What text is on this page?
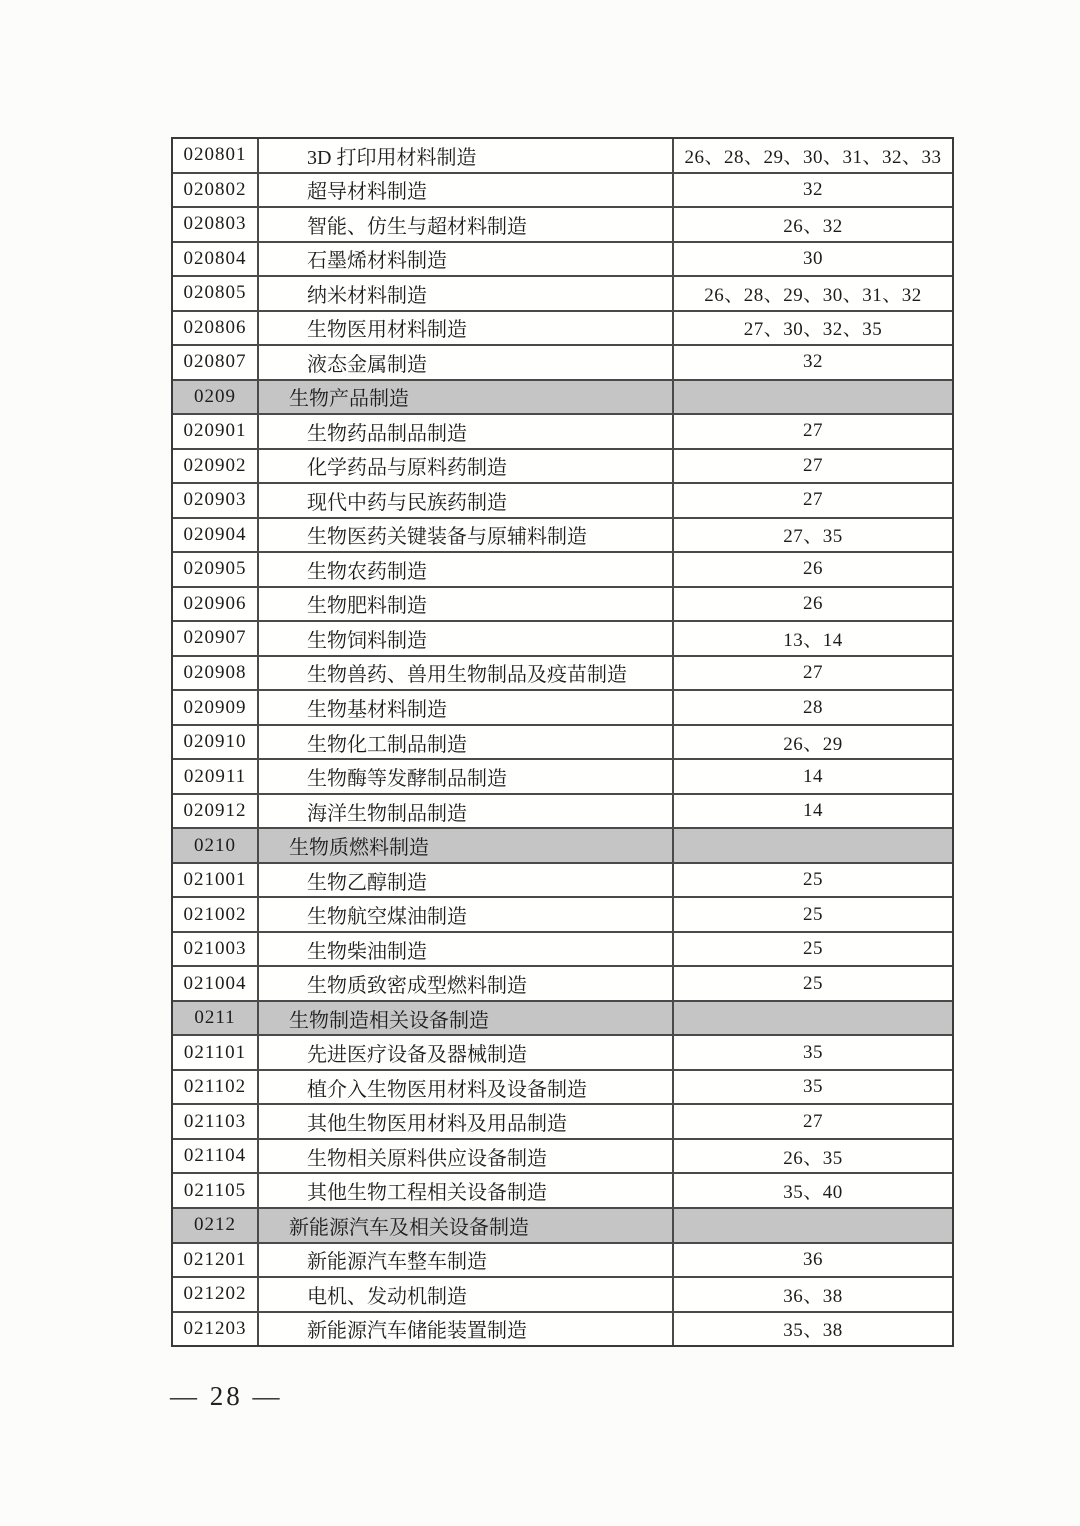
020801	3D 打印用材料制造	26、28、29、30、31、32、33
020802	超导材料制造	32
020803	智能、仿生与超材料制造	26、32
020804	石墨烯材料制造	30
020805	纳米材料制造	26、28、29、30、31、32
020806	生物医用材料制造	27、30、32、35
020807	液态金属制造	32
0209	生物产品制造
020901	生物药品制品制造	27
020902	化学药品与原料药制造	27
020903	现代中药与民族药制造	27
020904	生物医药关键装备与原辅料制造	27、35
020905	生物农药制造	26
020906	生物肥料制造	26
020907	生物饲料制造	13、14
020908	生物兽药、兽用生物制品及疫苗制造	27
020909	生物基材料制造	28
020910	生物化工制品制造	26、29
020911	生物酶等发酵制品制造	14
020912	海洋生物制品制造	14
0210	生物质燃料制造
021001	生物乙醇制造	25
021002	生物航空煤油制造	25
021003	生物柴油制造	25
021004	生物质致密成型燃料制造	25
0211	生物制造相关设备制造
021101	先进医疗设备及器械制造	35
021102	植介入生物医用材料及设备制造	35
021103	其他生物医用材料及用品制造	27
021104	生物相关原料供应设备制造	26、35
021105	其他生物工程相关设备制造	35、40
0212	新能源汽车及相关设备制造
021201	新能源汽车整车制造	36
021202	电机、发动机制造	36、38
021203	新能源汽车储能装置制造	35、38
— 28 —
